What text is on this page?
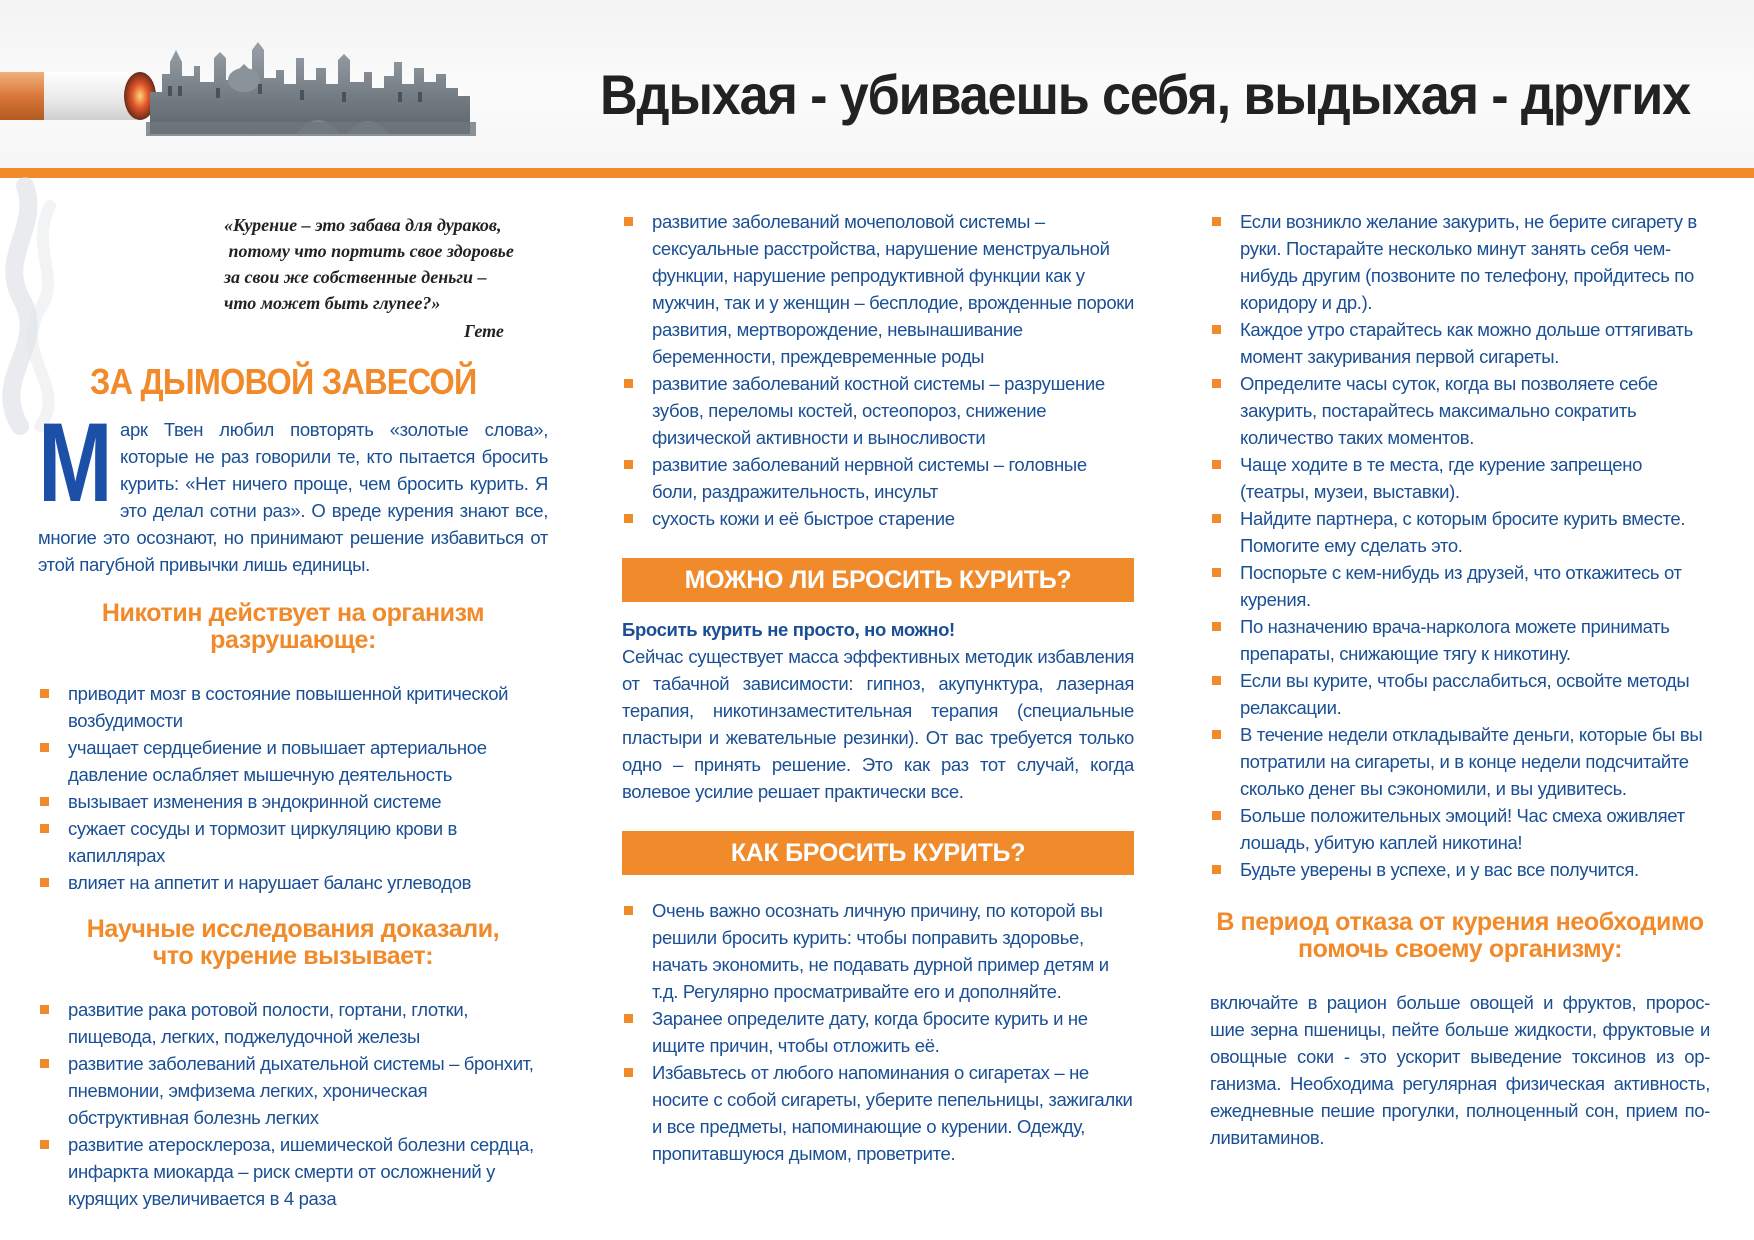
Вдыхая - убиваешь себя, выдыхая - других

«Курение – это забава для дураков,

потому что портить свое здоровье

за свои же собственные деньги –

что может быть глупее?»

Гете

ЗА ДЫМОВОЙ ЗАВЕСОЙ
М арк Твен любил повторять «золотые слова», которые не раз говорили те, кто пытается бросить курить: «Нет ничего проще, чем бросить курить. Я это делал сотни раз». О вреде курения знают все, многие это осознают, но принимают решение избавиться от этой пагубной привычки лишь единицы.

Никотин действует на организм разрушающе:
приводит мозг в состояние повышенной критической возбудимости
учащает сердцебиение и повышает артериальное давление ослабляет мышечную деятельность
вызывает изменения в эндокринной системе
сужает сосуды и тормозит циркуляцию крови в капиллярах
влияет на аппетит и нарушает баланс углеводов
Научные исследования доказали, что курение вызывает:
развитие рака ротовой полости, гортани, глотки, пищевода, легких, поджелудочной железы
развитие заболеваний дыхательной системы – бронхит, пневмонии, эмфизема легких, хроническая обструктивная болезнь легких
развитие атеросклероза, ишемической болезни сердца, инфаркта миокарда – риск смерти от осложнений у курящих увеличивается в 4 раза
развитие заболеваний мочеполовой системы – сексуальные расстройства, нарушение менструальной функции, нарушение репродуктивной функции как у мужчин, так и у женщин – бесплодие, врожденные пороки развития, мертворождение, невынашивание беременности, преждевременные роды
развитие заболеваний костной системы – разрушение зубов, переломы костей, остеопороз, снижение физической активности и выносливости
развитие заболеваний нервной системы – головные боли, раздражительность, инсульт
сухость кожи и её быстрое старение
МОЖНО ЛИ БРОСИТЬ КУРИТЬ?

Бросить курить не просто, но можно!

Сейчас существует масса эффективных методик избавления от табачной зависимости: гипноз, акупунктура, лазерная терапия, никотинзаместительная терапия (специальные пластыри и жевательные резинки). От вас требуется только одно – принять решение. Это как раз тот случай, когда волевое усилие решает практически все.

КАК БРОСИТЬ КУРИТЬ?
Очень важно осознать личную причину, по которой вы решили бросить курить: чтобы поправить здоровье, начать экономить, не подавать дурной пример детям и т.д. Регулярно просматривайте его и дополняйте.
Заранее определите дату, когда бросите курить и не ищите причин, чтобы отложить её.
Избавьтесь от любого напоминания о сигаретах – не носите с собой сигареты, уберите пепельницы, зажигалки и все предметы, напоминающие о курении. Одежду, пропитавшуюся дымом, проветрите.
Если возникло желание закурить, не берите сигарету в руки. Постарайте несколько минут занять себя чем-нибудь другим (позвоните по телефону, пройдитесь по коридору и др.).
Каждое утро старайтесь как можно дольше оттягивать момент закуривания первой сигареты.
Определите часы суток, когда вы позволяете себе закурить, постарайтесь максимально сократить количество таких моментов.
Чаще ходите в те места, где курение запрещено (театры, музеи, выставки).
Найдите партнера, с которым бросите курить вместе. Помогите ему сделать это.
Поспорьте с кем-нибудь из друзей, что откажитесь от курения.
По назначению врача-нарколога можете принимать препараты, снижающие тягу к никотину.
Если вы курите, чтобы расслабиться, освойте методы релаксации.
В течение недели откладывайте деньги, которые бы вы потратили на сигареты, и в конце недели подсчитайте сколько денег вы сэкономили, и вы удивитесь.
Больше положительных эмоций! Час смеха оживляет лошадь, убитую каплей никотина!
Будьте уверены в успехе, и у вас все получится.
В период отказа от курения необходимо помочь своему организму:

включайте в рацион больше овощей и фруктов, пророс-шие зерна пшеницы, пейте больше жидкости, фруктовые и овощные соки - это ускорит выведение токсинов из ор-ганизма. Необходима регулярная физическая активность, ежедневные пешие прогулки, полноценный сон, прием по-ливитаминов.
